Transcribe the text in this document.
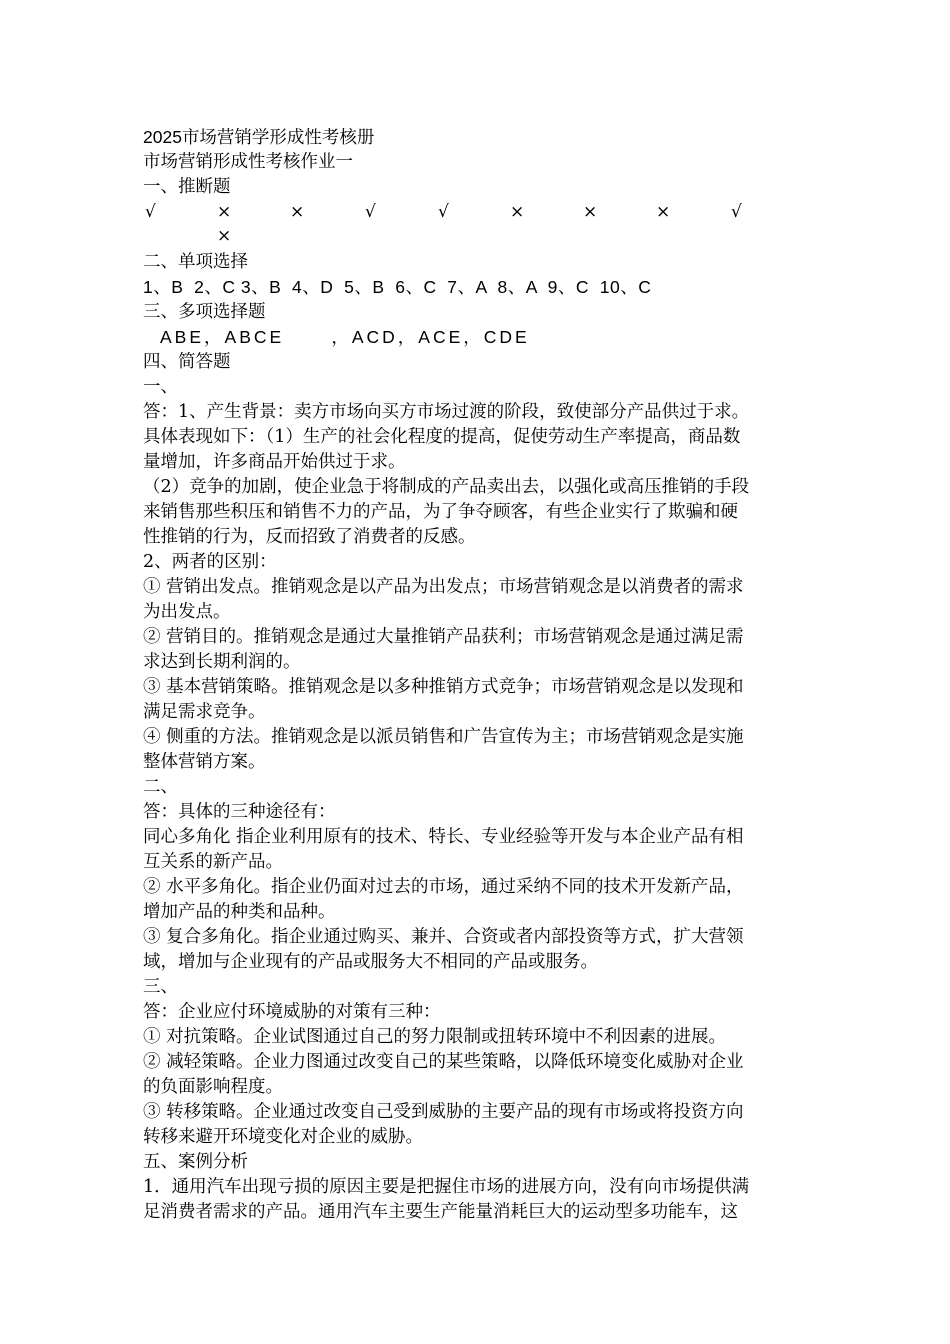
2025市场营销学形成性考核册
市场营销形成性考核作业一
一、推断题
√	×	×	√	√	×	×	×	√
×
二、单项选择
1、B  2、C 3、B  4、D  5、B  6、C  7、A  8、A  9、C  10、C
三、多项选择题
ABE，ABCE      ，ACD，ACE，CDE
四、简答题
一、
答：1、产生背景：卖方市场向买方市场过渡的阶段，致使部分产品供过于求。
具体表现如下：（1）生产的社会化程度的提高，促使劳动生产率提高，商品数
量增加，许多商品开始供过于求。
（2）竞争的加剧，使企业急于将制成的产品卖出去，以强化或高压推销的手段
来销售那些积压和销售不力的产品，为了争夺顾客，有些企业实行了欺骗和硬
性推销的行为，反而招致了消费者的反感。
2、两者的区别：
① 营销出发点。推销观念是以产品为出发点；市场营销观念是以消费者的需求
为出发点。
② 营销目的。推销观念是通过大量推销产品获利；市场营销观念是通过满足需
求达到长期利润的。
③ 基本营销策略。推销观念是以多种推销方式竞争；市场营销观念是以发现和
满足需求竞争。
④ 侧重的方法。推销观念是以派员销售和广告宣传为主；市场营销观念是实施
整体营销方案。
二、
答：具体的三种途径有：
同心多角化 指企业利用原有的技术、特长、专业经验等开发与本企业产品有相
互关系的新产品。
② 水平多角化。指企业仍面对过去的市场，通过采纳不同的技术开发新产品，
增加产品的种类和品种。
③ 复合多角化。指企业通过购买、兼并、合资或者内部投资等方式，扩大营领
域，增加与企业现有的产品或服务大不相同的产品或服务。
三、
答：企业应付环境威胁的对策有三种：
① 对抗策略。企业试图通过自己的努力限制或扭转环境中不利因素的进展。
② 减轻策略。企业力图通过改变自己的某些策略，以降低环境变化威胁对企业
的负面影响程度。
③ 转移策略。企业通过改变自己受到威胁的主要产品的现有市场或将投资方向
转移来避开环境变化对企业的威胁。
五、案例分析
1．通用汽车出现亏损的原因主要是把握住市场的进展方向，没有向市场提供满
足消费者需求的产品。通用汽车主要生产能量消耗巨大的运动型多功能车，这
